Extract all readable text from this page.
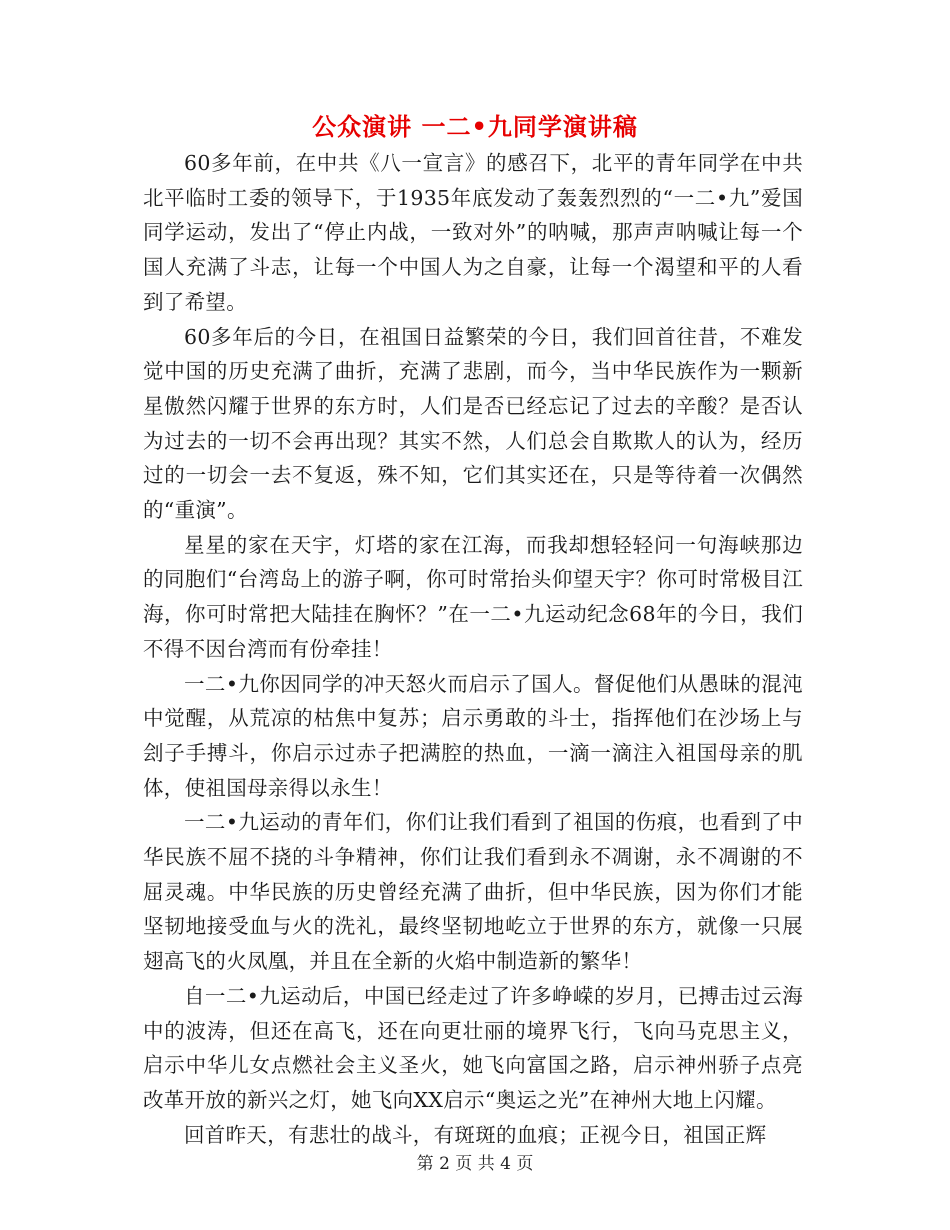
公众演讲 一二•九同学演讲稿

60多年前，在中共《八一宣言》的感召下，北平的青年同学在中共北平临时工委的领导下，于1935年底发动了轰轰烈烈的“一二•九”爱国同学运动，发出了“停止内战，一致对外”的呐喊，那声声呐喊让每一个国人充满了斗志，让每一个中国人为之自豪，让每一个渴望和平的人看到了希望。

60多年后的今日，在祖国日益繁荣的今日，我们回首往昔，不难发觉中国的历史充满了曲折，充满了悲剧，而今，当中华民族作为一颗新星傲然闪耀于世界的东方时，人们是否已经忘记了过去的辛酸？是否认为过去的一切不会再出现？其实不然，人们总会自欺欺人的认为，经历过的一切会一去不复返，殊不知，它们其实还在，只是等待着一次偶然的“重演”。

星星的家在天宇，灯塔的家在江海，而我却想轻轻问一句海峡那边的同胞们“台湾岛上的游子啊，你可时常抬头仰望天宇？你可时常极目江海，你可时常把大陆挂在胸怀？”在一二•九运动纪念68年的今日，我们不得不因台湾而有份牵挂！

一二•九你因同学的冲天怒火而启示了国人。督促他们从愚昧的混沌中觉醒，从荒凉的枯焦中复苏；启示勇敢的斗士，指挥他们在沙场上与刽子手搏斗，你启示过赤子把满腔的热血，一滴一滴注入祖国母亲的肌体，使祖国母亲得以永生！

一二•九运动的青年们，你们让我们看到了祖国的伤痕，也看到了中华民族不屈不挠的斗争精神，你们让我们看到永不凋谢，永不凋谢的不屈灵魂。中华民族的历史曾经充满了曲折，但中华民族，因为你们才能坚韧地接受血与火的洗礼，最终坚韧地屹立于世界的东方，就像一只展翅高飞的火凤凰，并且在全新的火焰中制造新的繁华！

自一二•九运动后，中国已经走过了许多峥嵘的岁月，已搏击过云海中的波涛，但还在高飞，还在向更壮丽的境界飞行，飞向马克思主义，启示中华儿女点燃社会主义圣火，她飞向富国之路，启示神州骄子点亮改革开放的新兴之灯，她飞向XX启示“奥运之光”在神州大地上闪耀。

回首昨天，有悲壮的战斗，有斑斑的血痕；正视今日，祖国正辉

第 2 页 共 4 页
